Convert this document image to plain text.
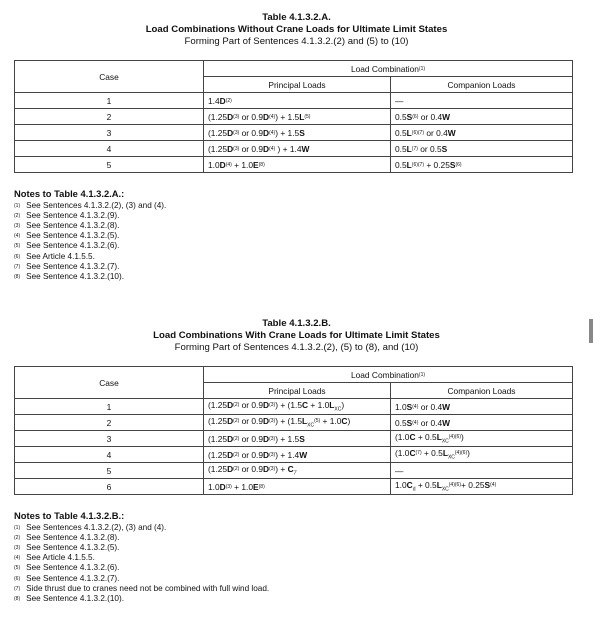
Table 4.1.3.2.A.
Load Combinations Without Crane Loads for Ultimate Limit States
Forming Part of Sentences 4.1.3.2.(2) and (5) to (10)
Case	Load Combination$^{(1)}$
	Principal Loads	Companion Loads
1	$1.4D^{(2)}$	—
2	($1.25D^{(3)}$ or $0.9D^{(4)}) + 1.5L^{(5)}$	$0.5S^{(6)}$ or 0.4W
3	($1.25D^{(3)}$ or $0.9D^{(4)}) + 1.5S$	$0.5L^{(6)(7)}$ or 0.4W
4	($1.25D^{(3)}$ or $0.9D^{(4)}$ ) + 1.4W	$0.5L^{(7)}$ or 0.5S
5	$1.0D^{(4)} + 1.0E^{(8)}$	$0.5L^{(6)(7)} + 0.25S^{(6)}$
Notes to Table 4.1.3.2.A.:
$^{(1)}$ See Sentences 4.1.3.2.(2), (3) and (4).
$^{(2)}$ See Sentence 4.1.3.2.(9).
$^{(3)}$ See Sentence 4.1.3.2.(8).
$^{(4)}$ See Sentence 4.1.3.2.(5).
$^{(5)}$ See Sentence 4.1.3.2.(6).
$^{(6)}$ See Article 4.1.5.5.
$^{(7)}$ See Sentence 4.1.3.2.(7).
$^{(8)}$ See Sentence 4.1.3.2.(10).
Table 4.1.3.2.B.
Load Combinations With Crane Loads for Ultimate Limit States
Forming Part of Sentences 4.1.3.2.(2), (5) to (8), and (10)
Case	Load Combination$^{(1)}$
	Principal Loads	Companion Loads
1	($1.25D^{(2)}$ or $0.9D^{(3)}) + (1.5C + 1.0L_{XC})$	$1.0S^{(4)}$ or 0.4W
2	($1.25D^{(2)}$ or $0.9D^{(3)}) + (1.5L_{XC}^{(5)} + 1.0C)$	$0.5S^{(4)}$ or 0.4W
3	($1.25D^{(2)}$ or $0.9D^{(3)}) + 1.5S$	$(1.0C + 0.5L_{XC}^{(4)(6)})$
4	($1.25D^{(2)}$ or $0.9D^{(3)}) + 1.4W$	$(1.0C^{(7)} + 0.5L_{XC}^{(4)(6)})$
5	($1.25D^{(2)}$ or $0.9D^{(3)}) + C_7$	—
6	$1.0D^{(3)} + 1.0E^{(8)}$	$1.0C_d + 0.5L_{XC}^{(4)(6)}+ 0.25S^{(4)}$
Notes to Table 4.1.3.2.B.:
$^{(1)}$ See Sentences 4.1.3.2.(2), (3) and (4).
$^{(2)}$ See Sentence 4.1.3.2.(8).
$^{(3)}$ See Sentence 4.1.3.2.(5).
$^{(4)}$ See Article 4.1.5.5.
$^{(5)}$ See Sentence 4.1.3.2.(6).
$^{(6)}$ See Sentence 4.1.3.2.(7).
$^{(7)}$ Side thrust due to cranes need not be combined with full wind load.
$^{(8)}$ See Sentence 4.1.3.2.(10).
